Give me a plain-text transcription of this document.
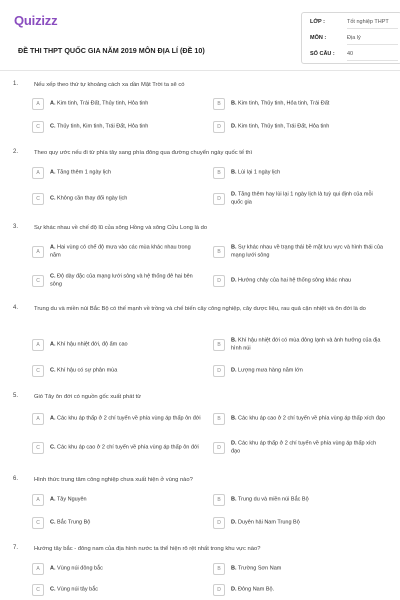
Quizizz
ĐỀ THI THPT QUỐC GIA NĂM 2019 MÔN ĐỊA LÍ (ĐỀ 10)
LỚP :	Tốt nghiệp THPT
MÔN :	Địa lý
SỐ CÂU : 40
1.	Nếu xếp theo thứ tự khoảng cách xa dần Mặt Trời ta sẽ có
A	A. Kim tinh, Trái Đất, Thủy tinh, Hỏa tinh	B	B. Kim tinh, Thủy tinh, Hỏa tinh, Trái Đất
C	C. Thủy tinh, Kim tinh, Trái Đất, Hỏa tinh	D	D. Kim tinh, Thủy tinh, Trái Đất, Hỏa tinh
2.	Theo quy ước nếu đi từ phía tây sang phía đông qua đường chuyển ngày quốc tế thì
A	A. Tăng thêm 1 ngày lịch	B	B. Lùi lại 1 ngày lịch
C	C. Không cần thay đổi ngày lịch	D
D. Tăng thêm hay lùi lại 1 ngày lịch là tuỳ qui định của mỗi quốc gia
3.	Sự khác nhau về chế độ lũ của sông Hồng và sông Cửu Long là do
A
A. Hai vùng có chế độ mưa vào các mùa khác nhau trong năm	B
B. Sự khác nhau về trạng thái bề mặt lưu vực và hình thái của mạng lưới sông
C
C. Độ dày đặc của mạng lưới sông và hệ thống đê hai bên sông	D	D. Hướng chảy của hai hệ thống sông khác nhau
4.	Trung du và miền núi Bắc Bộ có thế mạnh về trồng và chế biến cây công nghiệp, cây dược liệu, rau quả cận nhiệt và ôn đới là do
A	A. Khí hậu nhiệt đới, độ ẩm cao	B
B. Khí hậu nhiệt đới có mùa đông lạnh và ảnh hưởng của địa hình núi
C	C. Khí hậu có sự phân mùa	D	D. Lượng mưa hàng năm lớn
5.	Gió Tây ôn đới có nguồn gốc xuất phát từ
A	A. Các khu áp thấp ở 2 chí tuyến về phía vùng áp thấp ôn đới	B	B. Các khu áp cao ở 2 chí tuyến về phía vùng áp thấp xích đạo
C	C. Các khu áp cao ở 2 chí tuyến về phía vùng áp thấp ôn đới	D
D. Các khu áp thấp ở 2 chí tuyến về phía vùng áp thấp xích đạo
6.	Hình thức trung tâm công nghiệp chưa xuất hiện ở vùng nào?
A	A. Tây Nguyên	B	B. Trung du và miền núi Bắc Bộ
C	C. Bắc Trung Bộ	D	D. Duyên hải Nam Trung Bộ
7.	Hướng tây bắc - đông nam của địa hình nước ta thể hiện rõ rệt nhất trong khu vực nào?
A	A. Vùng núi đông bắc	B	B. Trường Sơn Nam
C	C. Vùng núi tây bắc	D	D. Đông Nam Bộ.
